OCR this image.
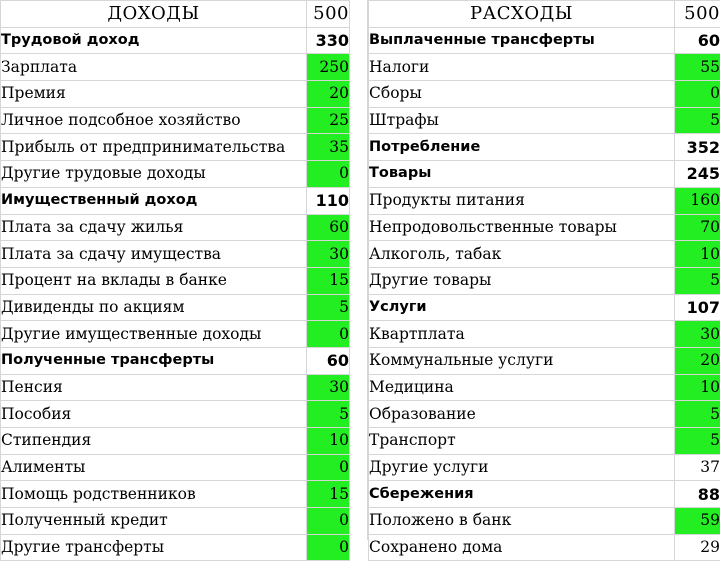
ДОХОДЫ	500
Трудовой доход	330
Зарплата	250
Премия	20
Личное подсобное хозяйство	25
Прибыль от предпринимательства	35
Другие трудовые доходы	0
Имущественный доход	110
Плата за сдачу жилья	60
Плата за сдачу имущества	30
Процент на вклады в банке	15
Дивиденды по акциям	5
Другие имущественные доходы	0
Полученные трансферты	60
Пенсия	30
Пособия	5
Стипендия	10
Алименты	0
Помощь родственников	15
Полученный кредит	0
Другие трансферты	0
РАСХОДЫ	500
Выплаченные трансферты	60
Налоги	55
Сборы	0
Штрафы	5
Потребление	352
Товары	245
Продукты питания	160
Непродовольственные товары	70
Алкоголь, табак	10
Другие товары	5
Услуги	107
Квартплата	30
Коммунальные услуги	20
Медицина	10
Образование	5
Транспорт	5
Другие услуги	37
Сбережения	88
Положено в банк	59
Сохранено дома	29
